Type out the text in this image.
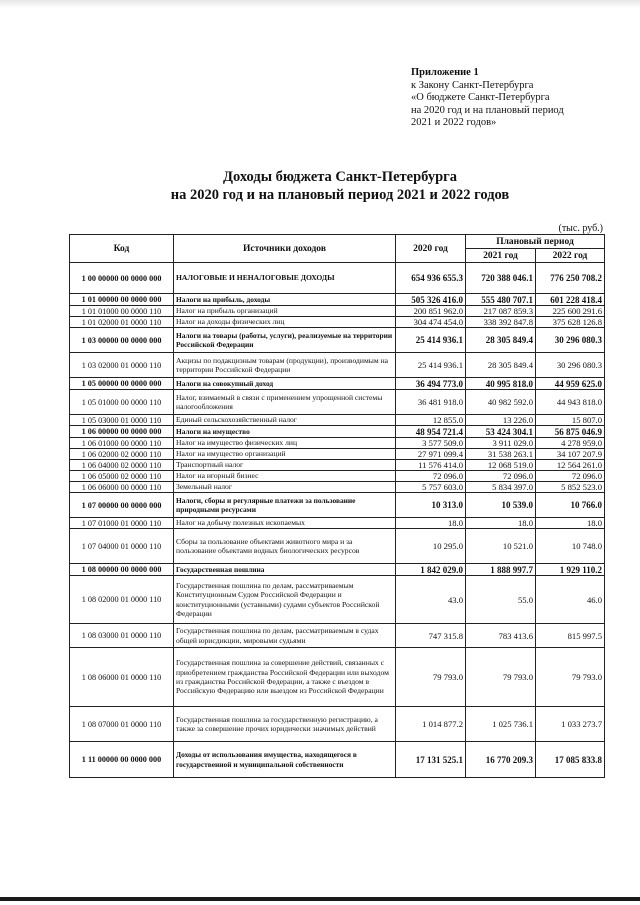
Приложение 1
к Закону Санкт-Петербурга
«О бюджете Санкт-Петербурга
на 2020 год и на плановый период
2021 и 2022 годов»
Доходы бюджета Санкт-Петербурга
на 2020 год и на плановый период 2021 и 2022 годов
(тыс. руб.)
Код	Источники доходов	2020 год	Плановый период	
			2021 год	2022 год
1 00 00000 00 0000 000	НАЛОГОВЫЕ И НЕНАЛОГОВЫЕ ДОХОДЫ	654 936 655.3	720 388 046.1	776 250 708.2
1 01 00000 00 0000 000	Налоги на прибыль, доходы	505 326 416.0	555 480 707.1	601 228 418.4
1 01 01000 00 0000 110	Налог на прибыль организаций	200 851 962.0	217 087 859.3	225 600 291.6
1 01 02000 01 0000 110	Налог на доходы физических лиц	304 474 454.0	338 392 847.8	375 628 126.8
1 03 00000 00 0000 000	Налоги на товары (работы, услуги), реализуемые на территории Российской Федерации	25 414 936.1	28 305 849.4	30 296 080.3
1 03 02000 01 0000 110	Акцизы по подакцизным товарам (продукции), производимым на территории Российской Федерации	25 414 936.1	28 305 849.4	30 296 080.3
1 05 00000 00 0000 000	Налоги на совокупный доход	36 494 773.0	40 995 818.0	44 959 625.0
1 05 01000 00 0000 110	Налог, взимаемый в связи с применением упрощенной системы налогообложения	36 481 918.0	40 982 592.0	44 943 818.0
1 05 03000 01 0000 110	Единый сельскохозяйственный налог	12 855.0	13 226.0	15 807.0
1 06 00000 00 0000 000	Налоги на имущество	48 954 721.4	53 424 304.1	56 875 046.9
1 06 01000 00 0000 110	Налог на имущество физических лиц	3 577 509.0	3 911 029.0	4 278 959.0
1 06 02000 02 0000 110	Налог на имущество организаций	27 971 099.4	31 538 263.1	34 107 207.9
1 06 04000 02 0000 110	Транспортный налог	11 576 414.0	12 068 519.0	12 564 261.0
1 06 05000 02 0000 110	Налог на игорный бизнес	72 096.0	72 096.0	72 096.0
1 06 06000 00 0000 110	Земельный налог	5 757 603.0	5 834 397.0	5 852 523.0
1 07 00000 00 0000 000	Налоги, сборы и регулярные платежи за пользование природными ресурсами	10 313.0	10 539.0	10 766.0
1 07 01000 01 0000 110	Налог на добычу полезных ископаемых	18.0	18.0	18.0
1 07 04000 01 0000 110	Сборы за пользование объектами животного мира и за пользование объектами водных биологических ресурсов	10 295.0	10 521.0	10 748.0
1 08 00000 00 0000 000	Государственная пошлина	1 842 029.0	1 888 997.7	1 929 110.2
1 08 02000 01 0000 110	Государственная пошлина по делам, рассматриваемым Конституционным Судом Российской Федерации и конституционными (уставными) судами субъектов Российской Федерации	43.0	55.0	46.0
1 08 03000 01 0000 110	Государственная пошлина по делам, рассматриваемым в судах общей юрисдикции, мировыми судьями	747 315.8	783 413.6	815 997.5
1 08 06000 01 0000 110	Государственная пошлина за совершение действий, связанных с приобретением гражданства Российской Федерации или выходом из гражданства Российской Федерации, а также с въездом в Российскую Федерацию или выездом из Российской Федерации	79 793.0	79 793.0	79 793.0
1 08 07000 01 0000 110	Государственная пошлина за государственную регистрацию, а также за совершение прочих юридически значимых действий	1 014 877.2	1 025 736.1	1 033 273.7
1 11 00000 00 0000 000	Доходы от использования имущества, находящегося в государственной и муниципальной собственности	17 131 525.1	16 770 209.3	17 085 833.8
